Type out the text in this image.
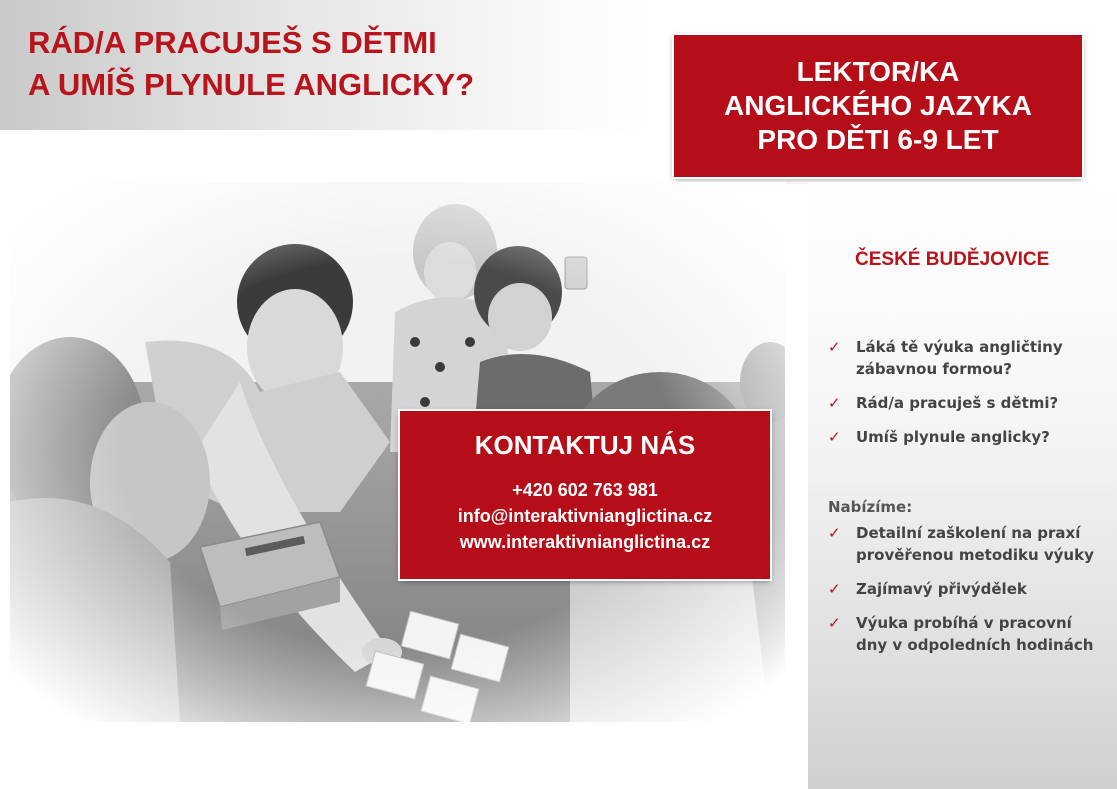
RÁD/A PRACUJEŠ S DĚTMI
A UMÍŠ PLYNULE ANGLICKY?	LEKTOR/KA
ANGLICKÉHO JAZYKA
PRO DĚTI 6-9 LET
ČESKÉ BUDĚJOVICE
✓ Láká tě výuka angličtiny zábavnou formou?
✓ Rád/a pracuješ s dětmi?
✓ Umíš plynule anglicky?

Nabízíme:

✓ Detailní zaškolení na praxí prověřenou metodiku výuky
✓ Zajímavý přivýdělek
✓ Výuka probíhá v pracovní dny v odpoledních hodinách

KONTAKTUJ NÁS

+420 602 763 981

info@interaktivnianglictina.cz

www.interaktivnianglictina.cz
